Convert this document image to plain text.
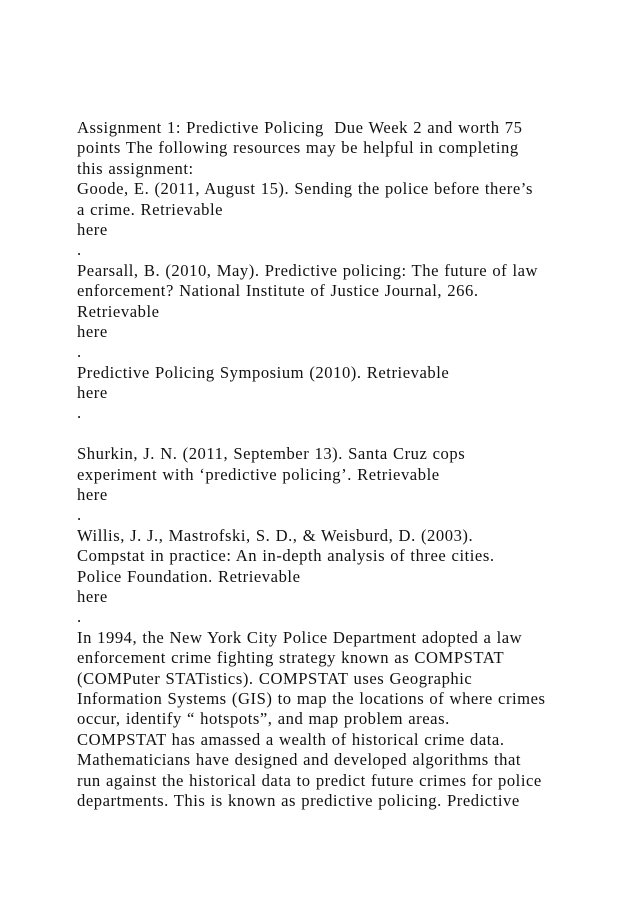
Assignment 1: Predictive Policing  Due Week 2 and worth 75
points The following resources may be helpful in completing
this assignment:
Goode, E. (2011, August 15). Sending the police before there’s
a crime. Retrievable
here
.
Pearsall, B. (2010, May). Predictive policing: The future of law
enforcement? National Institute of Justice Journal, 266.
Retrievable
here
.
Predictive Policing Symposium (2010). Retrievable
here
.
Shurkin, J. N. (2011, September 13). Santa Cruz cops
experiment with ‘predictive policing’. Retrievable
here
.
Willis, J. J., Mastrofski, S. D., & Weisburd, D. (2003).
Compstat in practice: An in-depth analysis of three cities.
Police Foundation. Retrievable
here
.
In 1994, the New York City Police Department adopted a law
enforcement crime fighting strategy known as COMPSTAT
(COMPuter STATistics). COMPSTAT uses Geographic
Information Systems (GIS) to map the locations of where crimes
occur, identify “ hotspots”, and map problem areas.
COMPSTAT has amassed a wealth of historical crime data.
Mathematicians have designed and developed algorithms that
run against the historical data to predict future crimes for police
departments. This is known as predictive policing. Predictive
